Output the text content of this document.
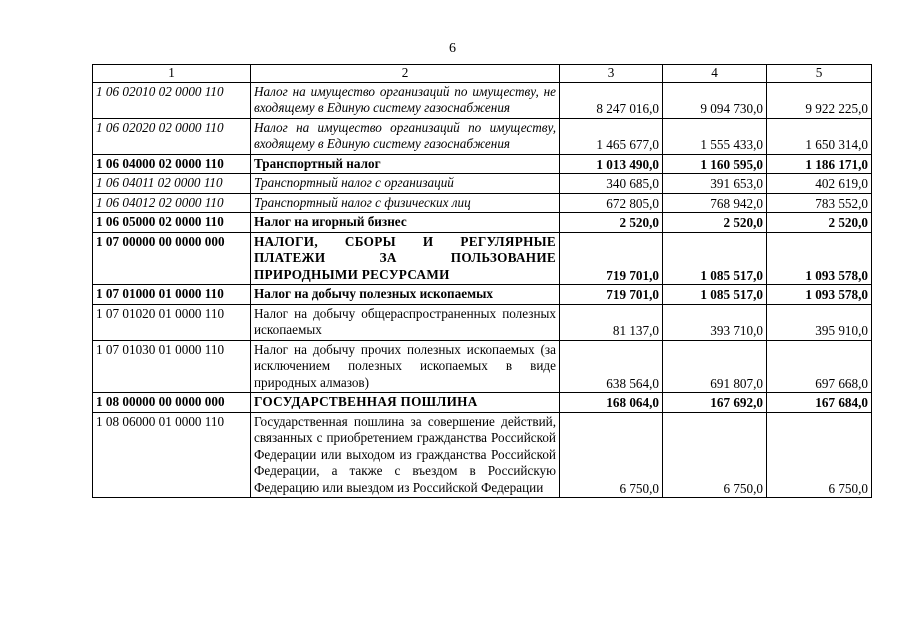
6
1	2	3	4	5
1 06 02010 02 0000 110	Налог на имущество организаций по имуществу, не входящему в Единую систему газоснабжения	8 247 016,0	9 094 730,0	9 922 225,0
1 06 02020 02 0000 110	Налог на имущество организаций по имуществу, входящему в Единую систему газоснабжения	1 465 677,0	1 555 433,0	1 650 314,0
1 06 04000 02 0000 110	Транспортный налог	1 013 490,0	1 160 595,0	1 186 171,0
1 06 04011 02 0000 110	Транспортный налог с организаций	340 685,0	391 653,0	402 619,0
1 06 04012 02 0000 110	Транспортный налог с физических лиц	672 805,0	768 942,0	783 552,0
1 06 05000 02 0000 110	Налог на игорный бизнес	2 520,0	2 520,0	2 520,0
1 07 00000 00 0000 000	НАЛОГИ, СБОРЫ И РЕГУЛЯРНЫЕ ПЛАТЕЖИ ЗА ПОЛЬЗОВАНИЕ ПРИРОДНЫМИ РЕСУРСАМИ	719 701,0	1 085 517,0	1 093 578,0
1 07 01000 01 0000 110	Налог на добычу полезных ископаемых	719 701,0	1 085 517,0	1 093 578,0
1 07 01020 01 0000 110	Налог на добычу общераспространенных полезных ископаемых	81 137,0	393 710,0	395 910,0
1 07 01030 01 0000 110	Налог на добычу прочих полезных ископаемых (за исключением полезных ископаемых в виде природных алмазов)	638 564,0	691 807,0	697 668,0
1 08 00000 00 0000 000	ГОСУДАРСТВЕННАЯ ПОШЛИНА	168 064,0	167 692,0	167 684,0
1 08 06000 01 0000 110	Государственная пошлина за совершение действий, связанных с приобретением гражданства Российской Федерации или выходом из гражданства Российской Федерации, а также с въездом в Российскую Федерацию или выездом из Российской Федерации	6 750,0	6 750,0	6 750,0
